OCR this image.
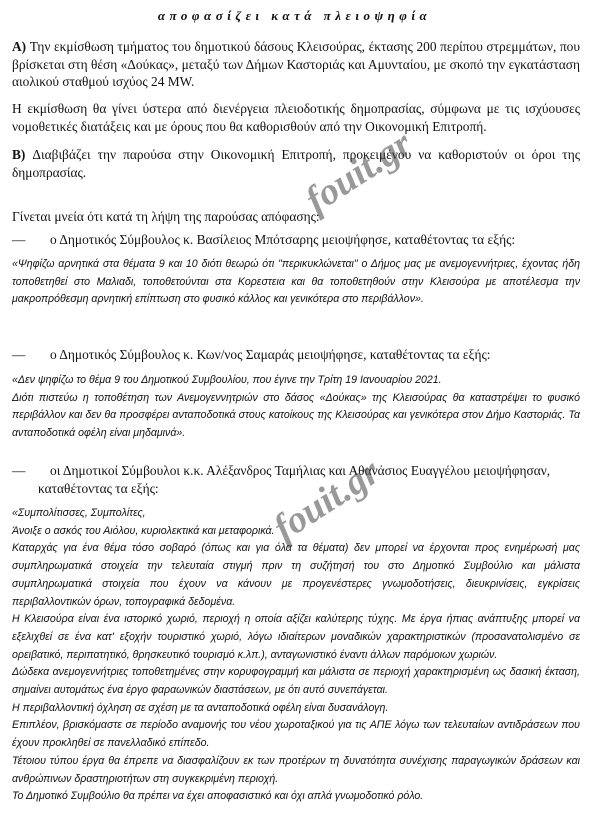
αποφασίζει κατά πλειοψηφία
A) Την εκμίσθωση τμήματος του δημοτικού δάσους Κλεισούρας, έκτασης 200 περίπου στρεμμάτων, που βρίσκεται στη θέση «Δούκας», μεταξύ των Δήμων Καστοριάς και Αμυνταίου, με σκοπό την εγκατάσταση αιολικού σταθμού ισχύος 24 MW.
Η εκμίσθωση θα γίνει ύστερα από διενέργεια πλειοδοτικής δημοπρασίας, σύμφωνα με τις ισχύουσες νομοθετικές διατάξεις και με όρους που θα καθορισθούν από την Οικονομική Επιτροπή.
B) Διαβιβάζει την παρούσα στην Οικονομική Επιτροπή, προκειμένου να καθοριστούν οι όροι της δημοπρασίας.
Γίνεται μνεία ότι κατά τη λήψη της παρούσας απόφασης:
— ο Δημοτικός Σύμβουλος κ. Βασίλειος Μπότσαρης μειοψήφησε, καταθέτοντας τα εξής:
«Ψηφίζω αρνητικά στα θέματα 9 και 10 διότι θεωρώ ότι "περικυκλώνεται" ο Δήμος μας με ανεμογεννήτριες, έχοντας ήδη τοποθετηθεί στο Μαλιαδι, τοποθετούνται στα Κορεστεια και θα τοποθετηθούν στην Κλεισούρα με αποτέλεσμα την μακροπρόθεσμη αρνητική επίπτωση στο φυσικό κάλλος και γενικότερα στο περιβάλλον».
— ο Δημοτικός Σύμβουλος κ. Κων/νος Σαμαράς μειοψήφησε, καταθέτοντας τα εξής:

«Δεν ψηφίζω το θέμα 9 του Δημοτικού Συμβουλίου, που έγινε την Τρίτη 19 Ιανουαρίου 2021.

Διότι πιστεύω η τοποθέτηση των Ανεμογεννητριών στο δάσος «Δούκας» της Κλεισούρας θα καταστρέψει το φυσικό περιβάλλον και δεν θα προσφέρει ανταποδοτικά στους κατοίκους της Κλεισούρας και γενικότερα στον Δήμο Καστοριάς. Τα ανταποδοτικά οφέλη είναι μηδαμινά».

— οι Δημοτικοί Σύμβουλοι κ.κ. Αλέξανδρος Ταμήλιας και Αθανάσιος Ευαγγέλου μειοψήφησαν,
καταθέτοντας τα εξής:

«Συμπολίτισσες, Συμπολίτες,

Άνοιξε ο ασκός του Αιόλου, κυριολεκτικά και μεταφορικά.

Καταρχάς για ένα θέμα τόσο σοβαρό (όπως και για όλα τα θέματα) δεν μπορεί να έρχονται προς ενημέρωσή μας συμπληρωματικά στοιχεία την τελευταία στιγμή πριν τη συζήτησή του στο Δημοτικό Συμβούλιο και μάλιστα συμπληρωματικά στοιχεία που έχουν να κάνουν με προγενέστερες γνωμοδοτήσεις, διευκρινίσεις, εγκρίσεις περιβαλλοντικών όρων, τοπογραφικά δεδομένα.

Η Κλεισούρα είναι ένα ιστορικό χωριό, περιοχή η οποία αξίζει καλύτερης τύχης. Με έργα ήπιας ανάπτυξης μπορεί να εξελιχθεί σε ένα κατ' εξοχήν τουριστικό χωριό, λόγω ιδιαίτερων μοναδικών χαρακτηριστικών (προσανατολισμένο σε ορειβατικό, περιπατητικό, θρησκευτικό τουρισμό κ.λπ.), ανταγωνιστικό έναντι άλλων παρόμοιων χωριών.

Δώδεκα ανεμογεννήτριες τοποθετημένες στην κορυφογραμμή και μάλιστα σε περιοχή χαρακτηρισμένη ως δασική έκταση, σημαίνει αυτομάτως ένα έργο φαραωνικών διαστάσεων, με ότι αυτό συνεπάγεται.

Η περιβαλλοντική όχληση σε σχέση με τα ανταποδοτικά οφέλη είναι δυσανάλογη.

Επιπλέον, βρισκόμαστε σε περίοδο αναμονής του νέου χωροταξικού για τις ΑΠΕ λόγω των τελευταίων αντιδράσεων που έχουν προκληθεί σε πανελλαδικό επίπεδο.

Τέτοιου τύπου έργα θα έπρεπε να διασφαλίζουν εκ των προτέρων τη δυνατότητα συνέχισης παραγωγικών δράσεων και ανθρώπινων δραστηριοτήτων στη συγκεκριμένη περιοχή.

Το Δημοτικό Συμβούλιο θα πρέπει να έχει αποφασιστικό και όχι απλά γνωμοδοτικό ρόλο.

fouit.gr
fouit.gr
